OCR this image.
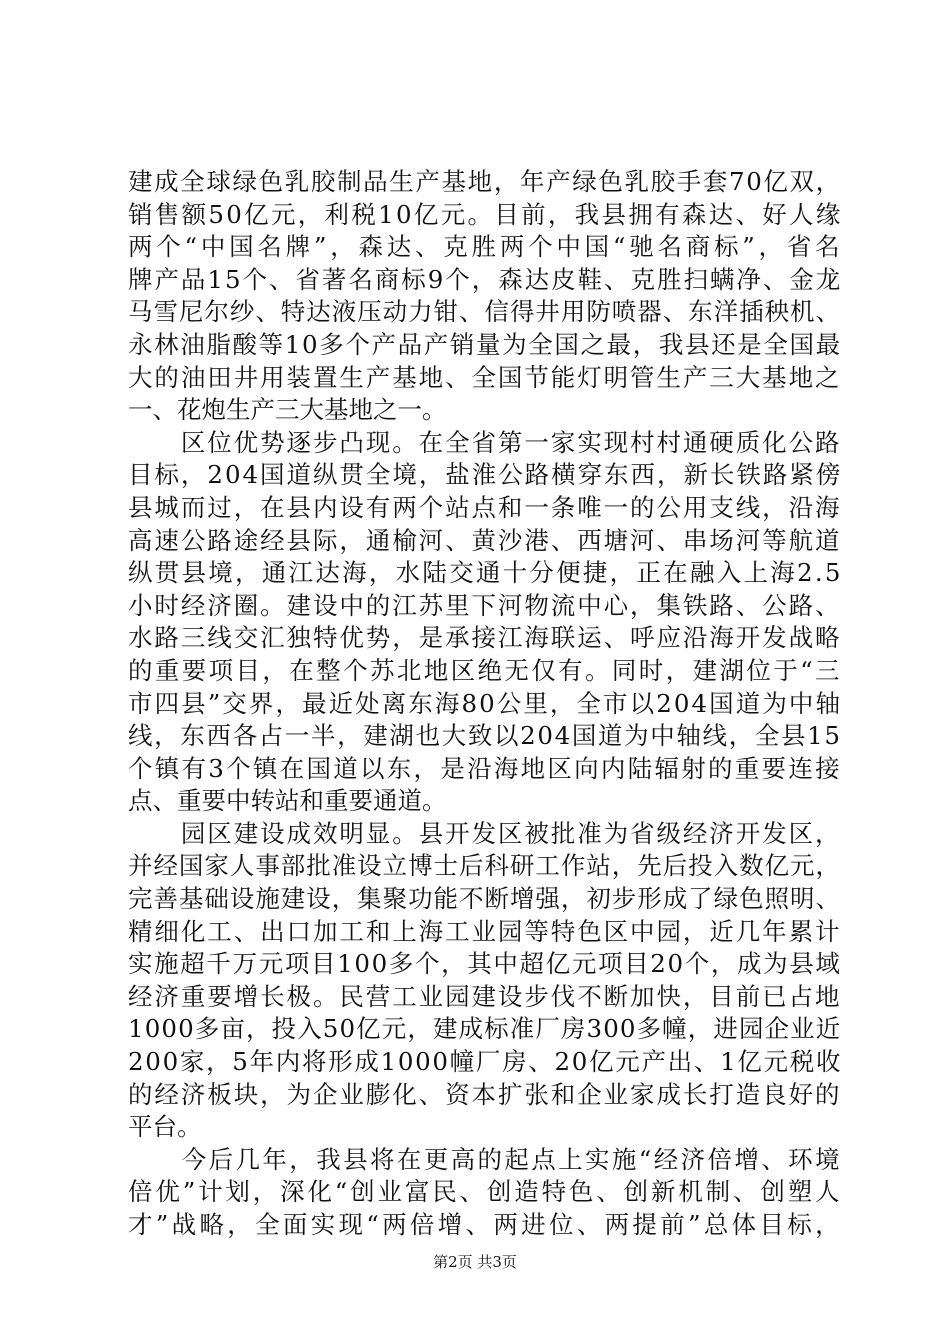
建成全球绿色乳胶制品生产基地，年产绿色乳胶手套70亿双，
销售额50亿元，利税10亿元。目前，我县拥有森达、好人缘
两个“中国名牌”，森达、克胜两个中国“驰名商标”，省名
牌产品15个、省著名商标9个，森达皮鞋、克胜扫螨净、金龙
马雪尼尔纱、特达液压动力钳、信得井用防喷器、东洋插秧机、
永林油脂酸等10多个产品产销量为全国之最，我县还是全国最
大的油田井用装置生产基地、全国节能灯明管生产三大基地之
一、花炮生产三大基地之一。
　　区位优势逐步凸现。在全省第一家实现村村通硬质化公路
目标，204国道纵贯全境，盐淮公路横穿东西，新长铁路紧傍
县城而过，在县内设有两个站点和一条唯一的公用支线，沿海
高速公路途经县际，通榆河、黄沙港、西塘河、串场河等航道
纵贯县境，通江达海，水陆交通十分便捷，正在融入上海2.5
小时经济圈。建设中的江苏里下河物流中心，集铁路、公路、
水路三线交汇独特优势，是承接江海联运、呼应沿海开发战略
的重要项目，在整个苏北地区绝无仅有。同时，建湖位于“三
市四县”交界，最近处离东海80公里，全市以204国道为中轴
线，东西各占一半，建湖也大致以204国道为中轴线，全县15
个镇有3个镇在国道以东，是沿海地区向内陆辐射的重要连接
点、重要中转站和重要通道。
　　园区建设成效明显。县开发区被批准为省级经济开发区，
并经国家人事部批准设立博士后科研工作站，先后投入数亿元，
完善基础设施建设，集聚功能不断增强，初步形成了绿色照明、
精细化工、出口加工和上海工业园等特色区中园，近几年累计
实施超千万元项目100多个，其中超亿元项目20个，成为县域
经济重要增长极。民营工业园建设步伐不断加快，目前已占地
1000多亩，投入50亿元，建成标准厂房300多幢，进园企业近
200家，5年内将形成1000幢厂房、20亿元产出、1亿元税收
的经济板块，为企业膨化、资本扩张和企业家成长打造良好的
平台。
　　今后几年，我县将在更高的起点上实施“经济倍增、环境
倍优”计划，深化“创业富民、创造特色、创新机制、创塑人
才”战略，全面实现“两倍增、两进位、两提前”总体目标，
第2页 共3页
